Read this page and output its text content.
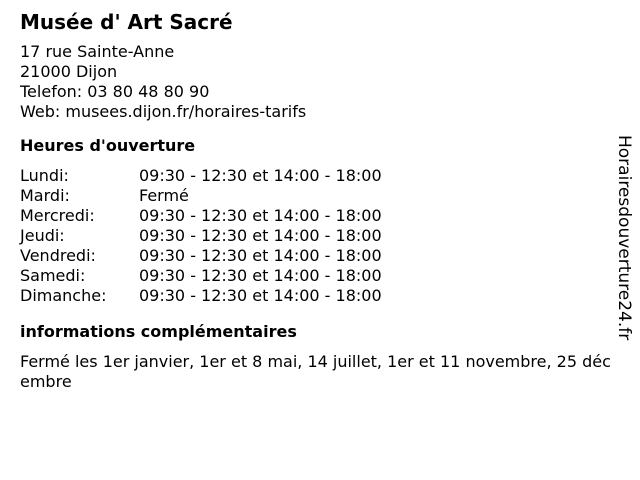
Musée d' Art Sacré
17 rue Sainte-Anne
21000 Dijon
Telefon: 03 80 48 80 90
Web: musees.dijon.fr/horaires-tarifs
Heures d'ouverture
Lundi:	09:30 - 12:30 et 14:00 - 18:00
Mardi:	Fermé
Mercredi:	09:30 - 12:30 et 14:00 - 18:00
Jeudi:	09:30 - 12:30 et 14:00 - 18:00
Vendredi:	09:30 - 12:30 et 14:00 - 18:00
Samedi:	09:30 - 12:30 et 14:00 - 18:00
Dimanche:	09:30 - 12:30 et 14:00 - 18:00
informations complémentaires
Fermé les 1er janvier, 1er et 8 mai, 14 juillet, 1er et 11 novembre, 25 décembre
Horairesdouverture24.fr
